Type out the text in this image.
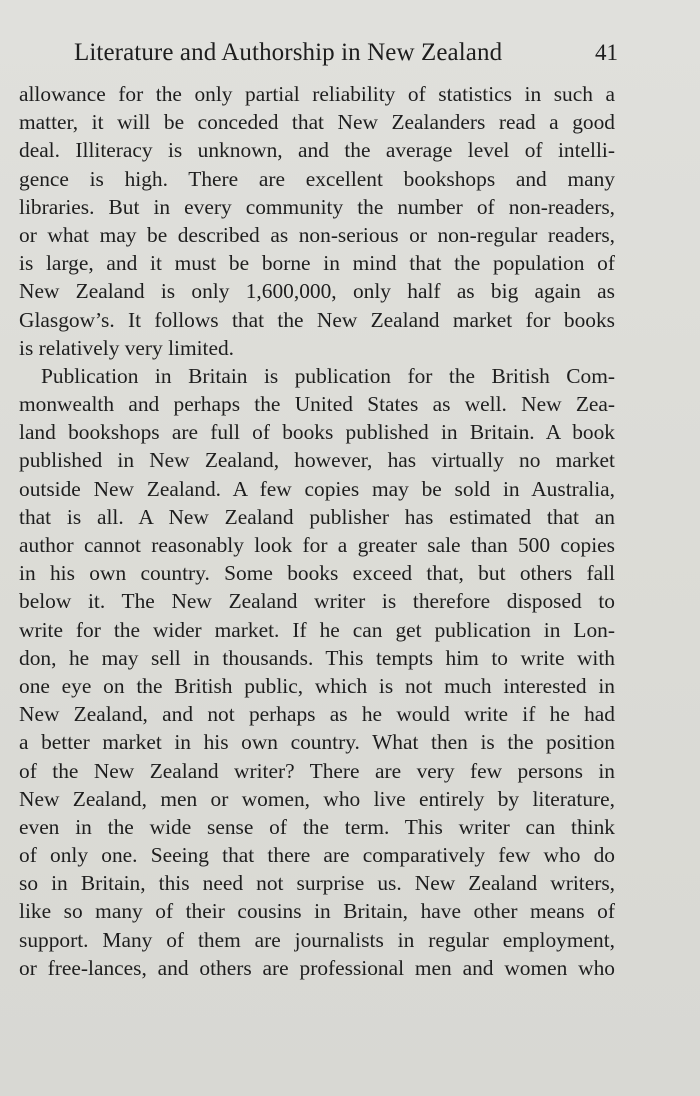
Literature and Authorship in New Zealand	41
allowance for the only partial reliability of statistics in such a
matter, it will be conceded that New Zealanders read a good
deal. Illiteracy is unknown, and the average level of intelli-
gence is high. There are excellent bookshops and many
libraries. But in every community the number of non-readers,
or what may be described as non-serious or non-regular readers,
is large, and it must be borne in mind that the population of
New Zealand is only 1,600,000, only half as big again as
Glasgow’s. It follows that the New Zealand market for books
is relatively very limited.
Publication in Britain is publication for the British Com-
monwealth and perhaps the United States as well. New Zea-
land bookshops are full of books published in Britain. A book
published in New Zealand, however, has virtually no market
outside New Zealand. A few copies may be sold in Australia,
that is all. A New Zealand publisher has estimated that an
author cannot reasonably look for a greater sale than 500 copies
in his own country. Some books exceed that, but others fall
below it. The New Zealand writer is therefore disposed to
write for the wider market. If he can get publication in Lon-
don, he may sell in thousands. This tempts him to write with
one eye on the British public, which is not much interested in
New Zealand, and not perhaps as he would write if he had
a better market in his own country. What then is the position
of the New Zealand writer? There are very few persons in
New Zealand, men or women, who live entirely by literature,
even in the wide sense of the term. This writer can think
of only one. Seeing that there are comparatively few who do
so in Britain, this need not surprise us. New Zealand writers,
like so many of their cousins in Britain, have other means of
support. Many of them are journalists in regular employment,
or free-lances, and others are professional men and women who
